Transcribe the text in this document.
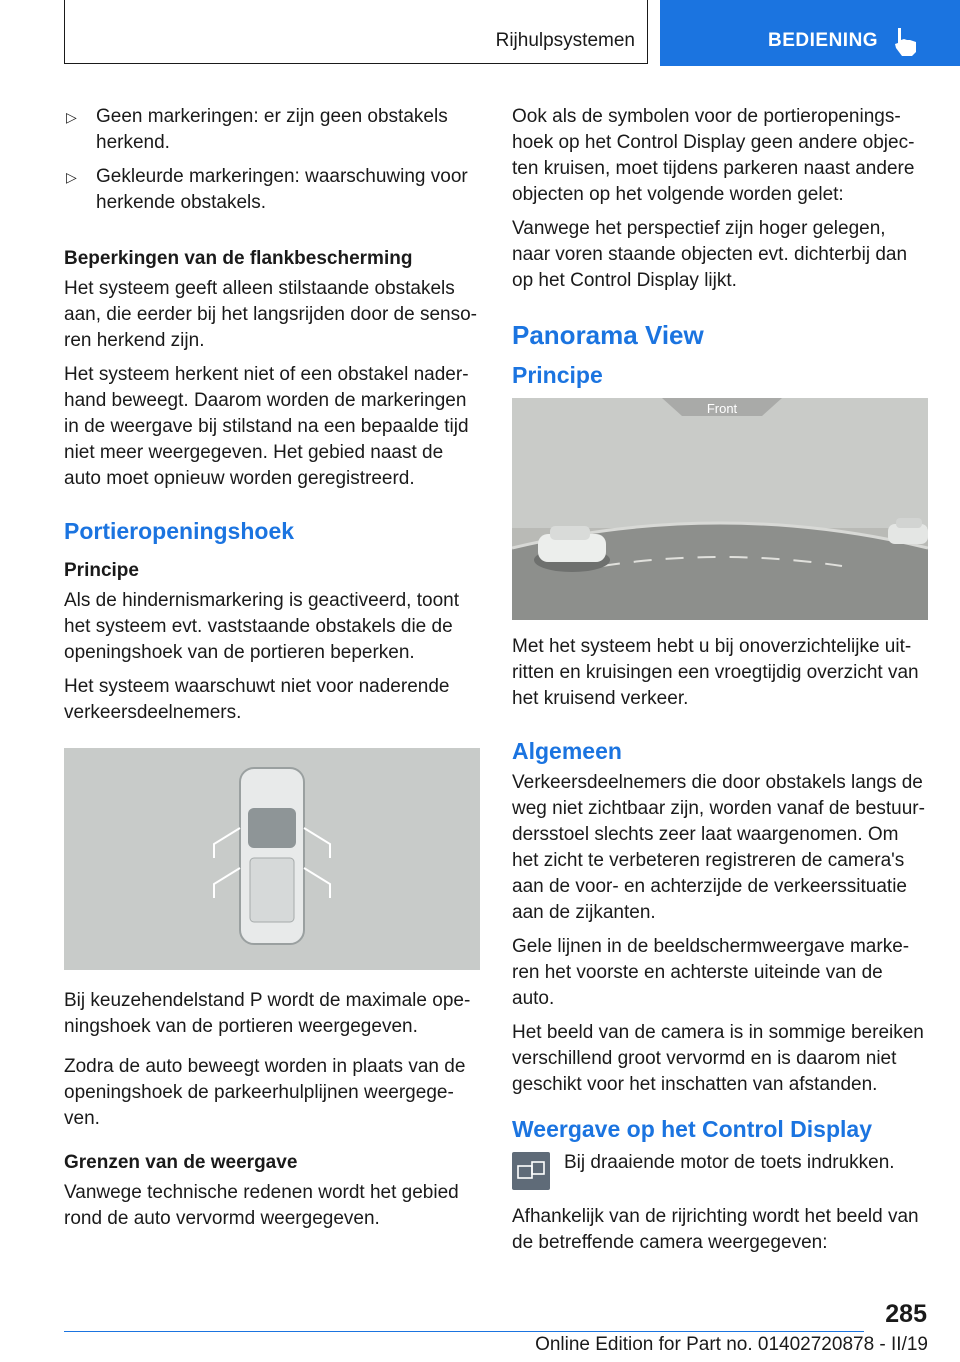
Rijhulpsystemen	BEDIENING
▷ Geen markeringen: er zijn geen obstakels herkend.
▷ Gekleurde markeringen: waarschuwing voor herkende obstakels.
Beperkingen van de flankbescherming

Het systeem geeft alleen stilstaande obstakels aan, die eerder bij het langsrijden door de sensoren herkend zijn.

Het systeem herkent niet of een obstakel naderhand beweegt. Daarom worden de markeringen in de weergave bij stilstand na een bepaalde tijd niet meer weergegeven. Het gebied naast de auto moet opnieuw worden geregistreerd.

Portieropeningshoek
Principe

Als de hindernismarkering is geactiveerd, toont het systeem evt. vaststaande obstakels die de openingshoek van de portieren beperken.

Het systeem waarschuwt niet voor naderende verkeersdeelnemers.

Bij keuzehendelstand P wordt de maximale openingshoek van de portieren weergegeven.

Zodra de auto beweegt worden in plaats van de openingshoek de parkeerhulplijnen weergegeven.

Grenzen van de weergave

Vanwege technische redenen wordt het gebied rond de auto vervormd weergegeven.

Ook als de symbolen voor de portieropeningshoek op het Control Display geen andere objecten kruisen, moet tijdens parkeren naast andere objecten op het volgende worden gelet:

Vanwege het perspectief zijn hoger gelegen, naar voren staande objecten evt. dichterbij dan op het Control Display lijkt.

Panorama View
Principe
Front

Met het systeem hebt u bij onoverzichtelijke uitritten en kruisingen een vroegtijdig overzicht van het kruisend verkeer.

Algemeen

Verkeersdeelnemers die door obstakels langs de weg niet zichtbaar zijn, worden vanaf de bestuurdersstoel slechts zeer laat waargenomen. Om het zicht te verbeteren registreren de camera's aan de voor- en achterzijde de verkeerssituatie aan de zijkanten.

Gele lijnen in de beeldschermweergave markeren het voorste en achterste uiteinde van de auto.

Het beeld van de camera is in sommige bereiken verschillend groot vervormd en is daarom niet geschikt voor het inschatten van afstanden.

Weergave op het Control Display
Bij draaiende motor de toets indrukken.

Afhankelijk van de rijrichting wordt het beeld van de betreffende camera weergegeven:

285
Online Edition for Part no. 01402720878 - II/19
